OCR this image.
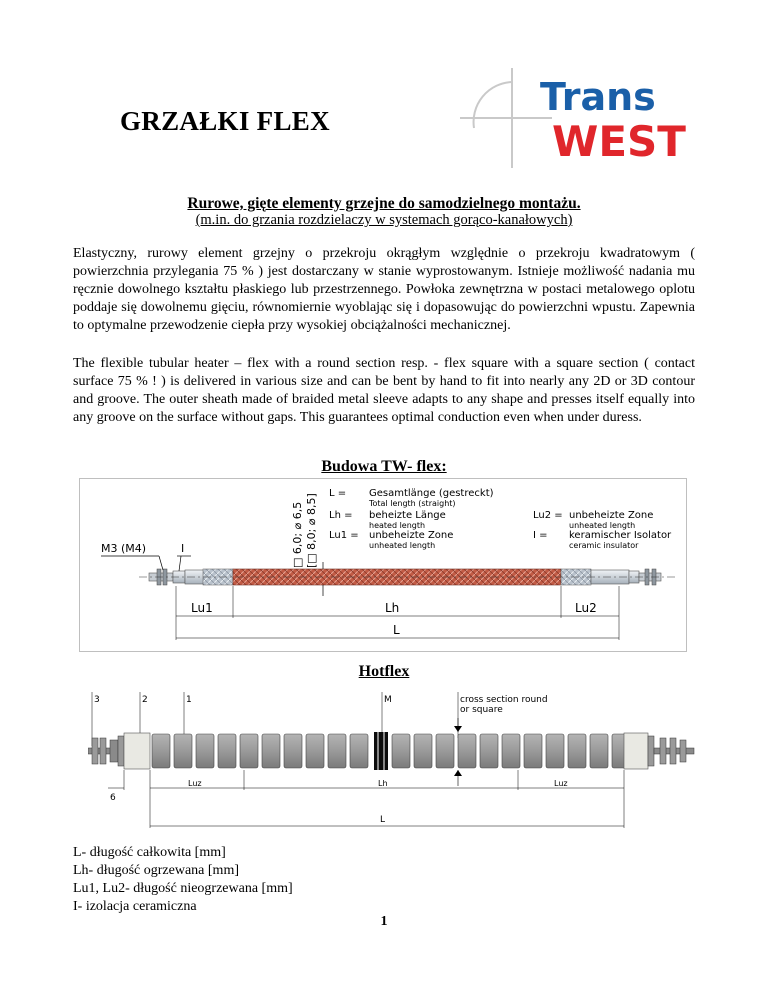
GRZAŁKI FLEX
Trans
WEST
Rurowe, gięte elementy grzejne do samodzielnego montażu.
(m.in. do grzania rozdzielaczy w systemach gorąco-kanałowych)
Elastyczny, rurowy element grzejny o przekroju okrągłym względnie o przekroju kwadratowym ( powierzchnia przylegania 75 % ) jest dostarczany w stanie wyprostowanym. Istnieje możliwość nadania mu ręcznie dowolnego kształtu płaskiego lub przestrzennego. Powłoka zewnętrzna w postaci metalowego oplotu poddaje się dowolnemu gięciu, równomiernie wyoblając się i dopasowując do powierzchni wpustu. Zapewnia to optymalne przewodzenie ciepła przy wysokiej obciążalności mechanicznej.
The flexible tubular heater – flex with a round section resp. - flex square with a square section ( contact surface 75 % ! ) is delivered in various size and can be bent by hand to fit into nearly any 2D or 3D contour and groove. The outer sheath made of braided metal sleeve adapts to any shape and presses itself equally into any groove on the surface without gaps. This guarantees optimal conduction even when under duress.
Budowa TW- flex:
M3 (M4)	I	□ 6,0; ⌀ 6,5 [□ 8,0; ⌀ 8,5]
Lu1	Lh	Lu2
L
L = Gesamtlänge (gestreckt)
Total length (straight)
Lh = beheizte Länge
heated length
Lu1 = unbeheizte Zone
unheated length
Lu2 = unbeheizte Zone
unheated length
I = keramischer Isolator
ceramic insulator
Hotflex
3	2	1	M	cross section round
or square
6
Luz	Lh	Luz
L
L- długość całkowita [mm]
Lh- długość ogrzewana [mm]
Lu1, Lu2- długość nieogrzewana [mm]
I- izolacja ceramiczna
1
